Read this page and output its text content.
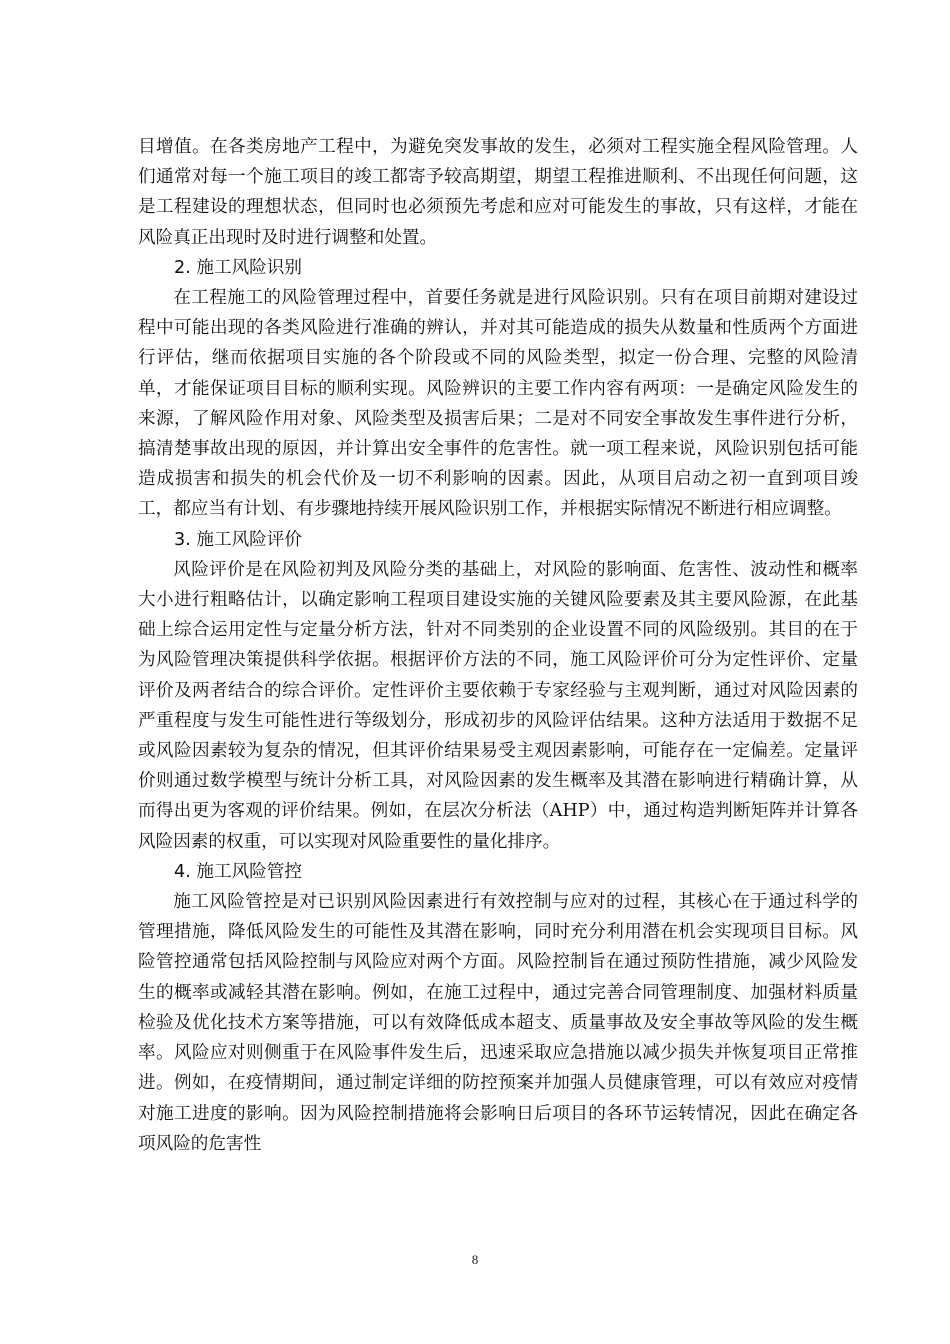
目增值。在各类房地产工程中，为避免突发事故的发生，必须对工程实施全程风险管理。人们通常对每一个施工项目的竣工都寄予较高期望，期望工程推进顺利、不出现任何问题，这是工程建设的理想状态，但同时也必须预先考虑和应对可能发生的事故，只有这样，才能在风险真正出现时及时进行调整和处置。

2. 施工风险识别

在工程施工的风险管理过程中，首要任务就是进行风险识别。只有在项目前期对建设过程中可能出现的各类风险进行准确的辨认，并对其可能造成的损失从数量和性质两个方面进行评估，继而依据项目实施的各个阶段或不同的风险类型，拟定一份合理、完整的风险清单，才能保证项目目标的顺利实现。风险辨识的主要工作内容有两项：一是确定风险发生的来源，了解风险作用对象、风险类型及损害后果；二是对不同安全事故发生事件进行分析，搞清楚事故出现的原因，并计算出安全事件的危害性。就一项工程来说，风险识别包括可能造成损害和损失的机会代价及一切不利影响的因素。因此，从项目启动之初一直到项目竣工，都应当有计划、有步骤地持续开展风险识别工作，并根据实际情况不断进行相应调整。

3. 施工风险评价

风险评价是在风险初判及风险分类的基础上，对风险的影响面、危害性、波动性和概率大小进行粗略估计，以确定影响工程项目建设实施的关键风险要素及其主要风险源，在此基础上综合运用定性与定量分析方法，针对不同类别的企业设置不同的风险级别。其目的在于为风险管理决策提供科学依据。根据评价方法的不同，施工风险评价可分为定性评价、定量评价及两者结合的综合评价。定性评价主要依赖于专家经验与主观判断，通过对风险因素的严重程度与发生可能性进行等级划分，形成初步的风险评估结果。这种方法适用于数据不足或风险因素较为复杂的情况，但其评价结果易受主观因素影响，可能存在一定偏差。定量评价则通过数学模型与统计分析工具，对风险因素的发生概率及其潜在影响进行精确计算，从而得出更为客观的评价结果。例如，在层次分析法（AHP）中，通过构造判断矩阵并计算各风险因素的权重，可以实现对风险重要性的量化排序。

4. 施工风险管控

施工风险管控是对已识别风险因素进行有效控制与应对的过程，其核心在于通过科学的管理措施，降低风险发生的可能性及其潜在影响，同时充分利用潜在机会实现项目目标。风险管控通常包括风险控制与风险应对两个方面。风险控制旨在通过预防性措施，减少风险发生的概率或减轻其潜在影响。例如，在施工过程中，通过完善合同管理制度、加强材料质量检验及优化技术方案等措施，可以有效降低成本超支、质量事故及安全事故等风险的发生概率。风险应对则侧重于在风险事件发生后，迅速采取应急措施以减少损失并恢复项目正常推进。例如，在疫情期间，通过制定详细的防控预案并加强人员健康管理，可以有效应对疫情对施工进度的影响。因为风险控制措施将会影响日后项目的各环节运转情况，因此在确定各项风险的危害性

8
